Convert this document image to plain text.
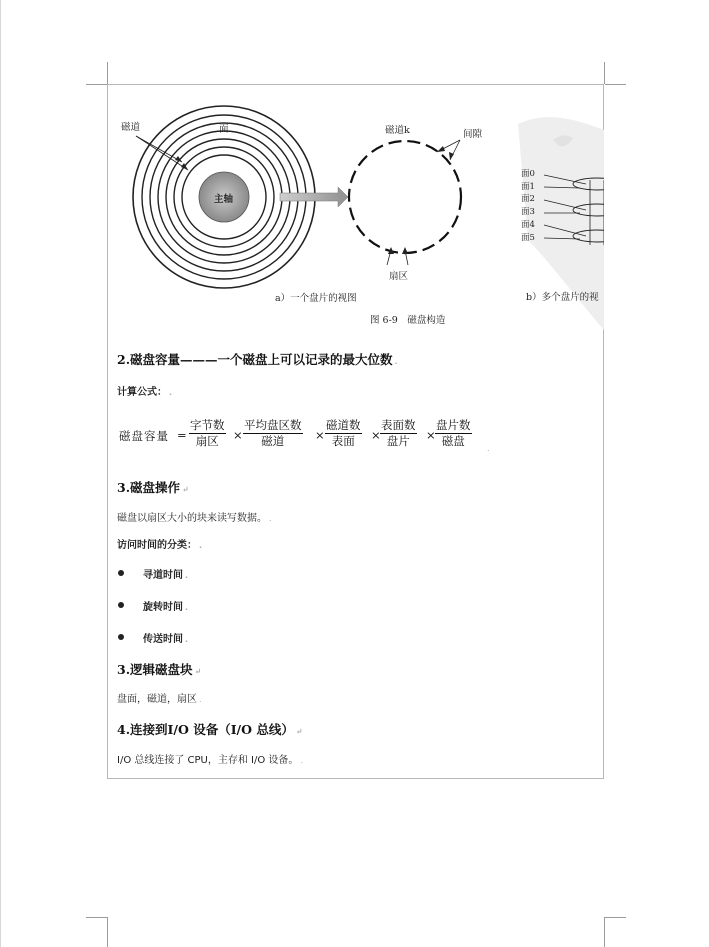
磁道	面
主轴
磁道k	间隙
扇区
a）一个盘片的视图	b）多个盘片的视
图 6-9　磁盘构造
面0
面1
面2
面3
面4
面5
2.磁盘容量———一个磁盘上可以记录的最大位数 .
计算公式： .
磁盘容量 =
字节数
扇区	×
平均盘区数
磁道	×
磁道数
表面	×
表面数
盘片	×
盘片数
磁盘
.
3.磁盘操作 ↵
磁盘以扇区大小的块来读写数据。 .
访问时间的分类： .
寻道时间 .
旋转时间 .
传送时间 .
3.逻辑磁盘块 ↵
盘面，磁道，扇区 .
4.连接到I/O 设备（I/O 总线） ↵
I/O 总线连接了 CPU，主存和 I/O 设备。 .
